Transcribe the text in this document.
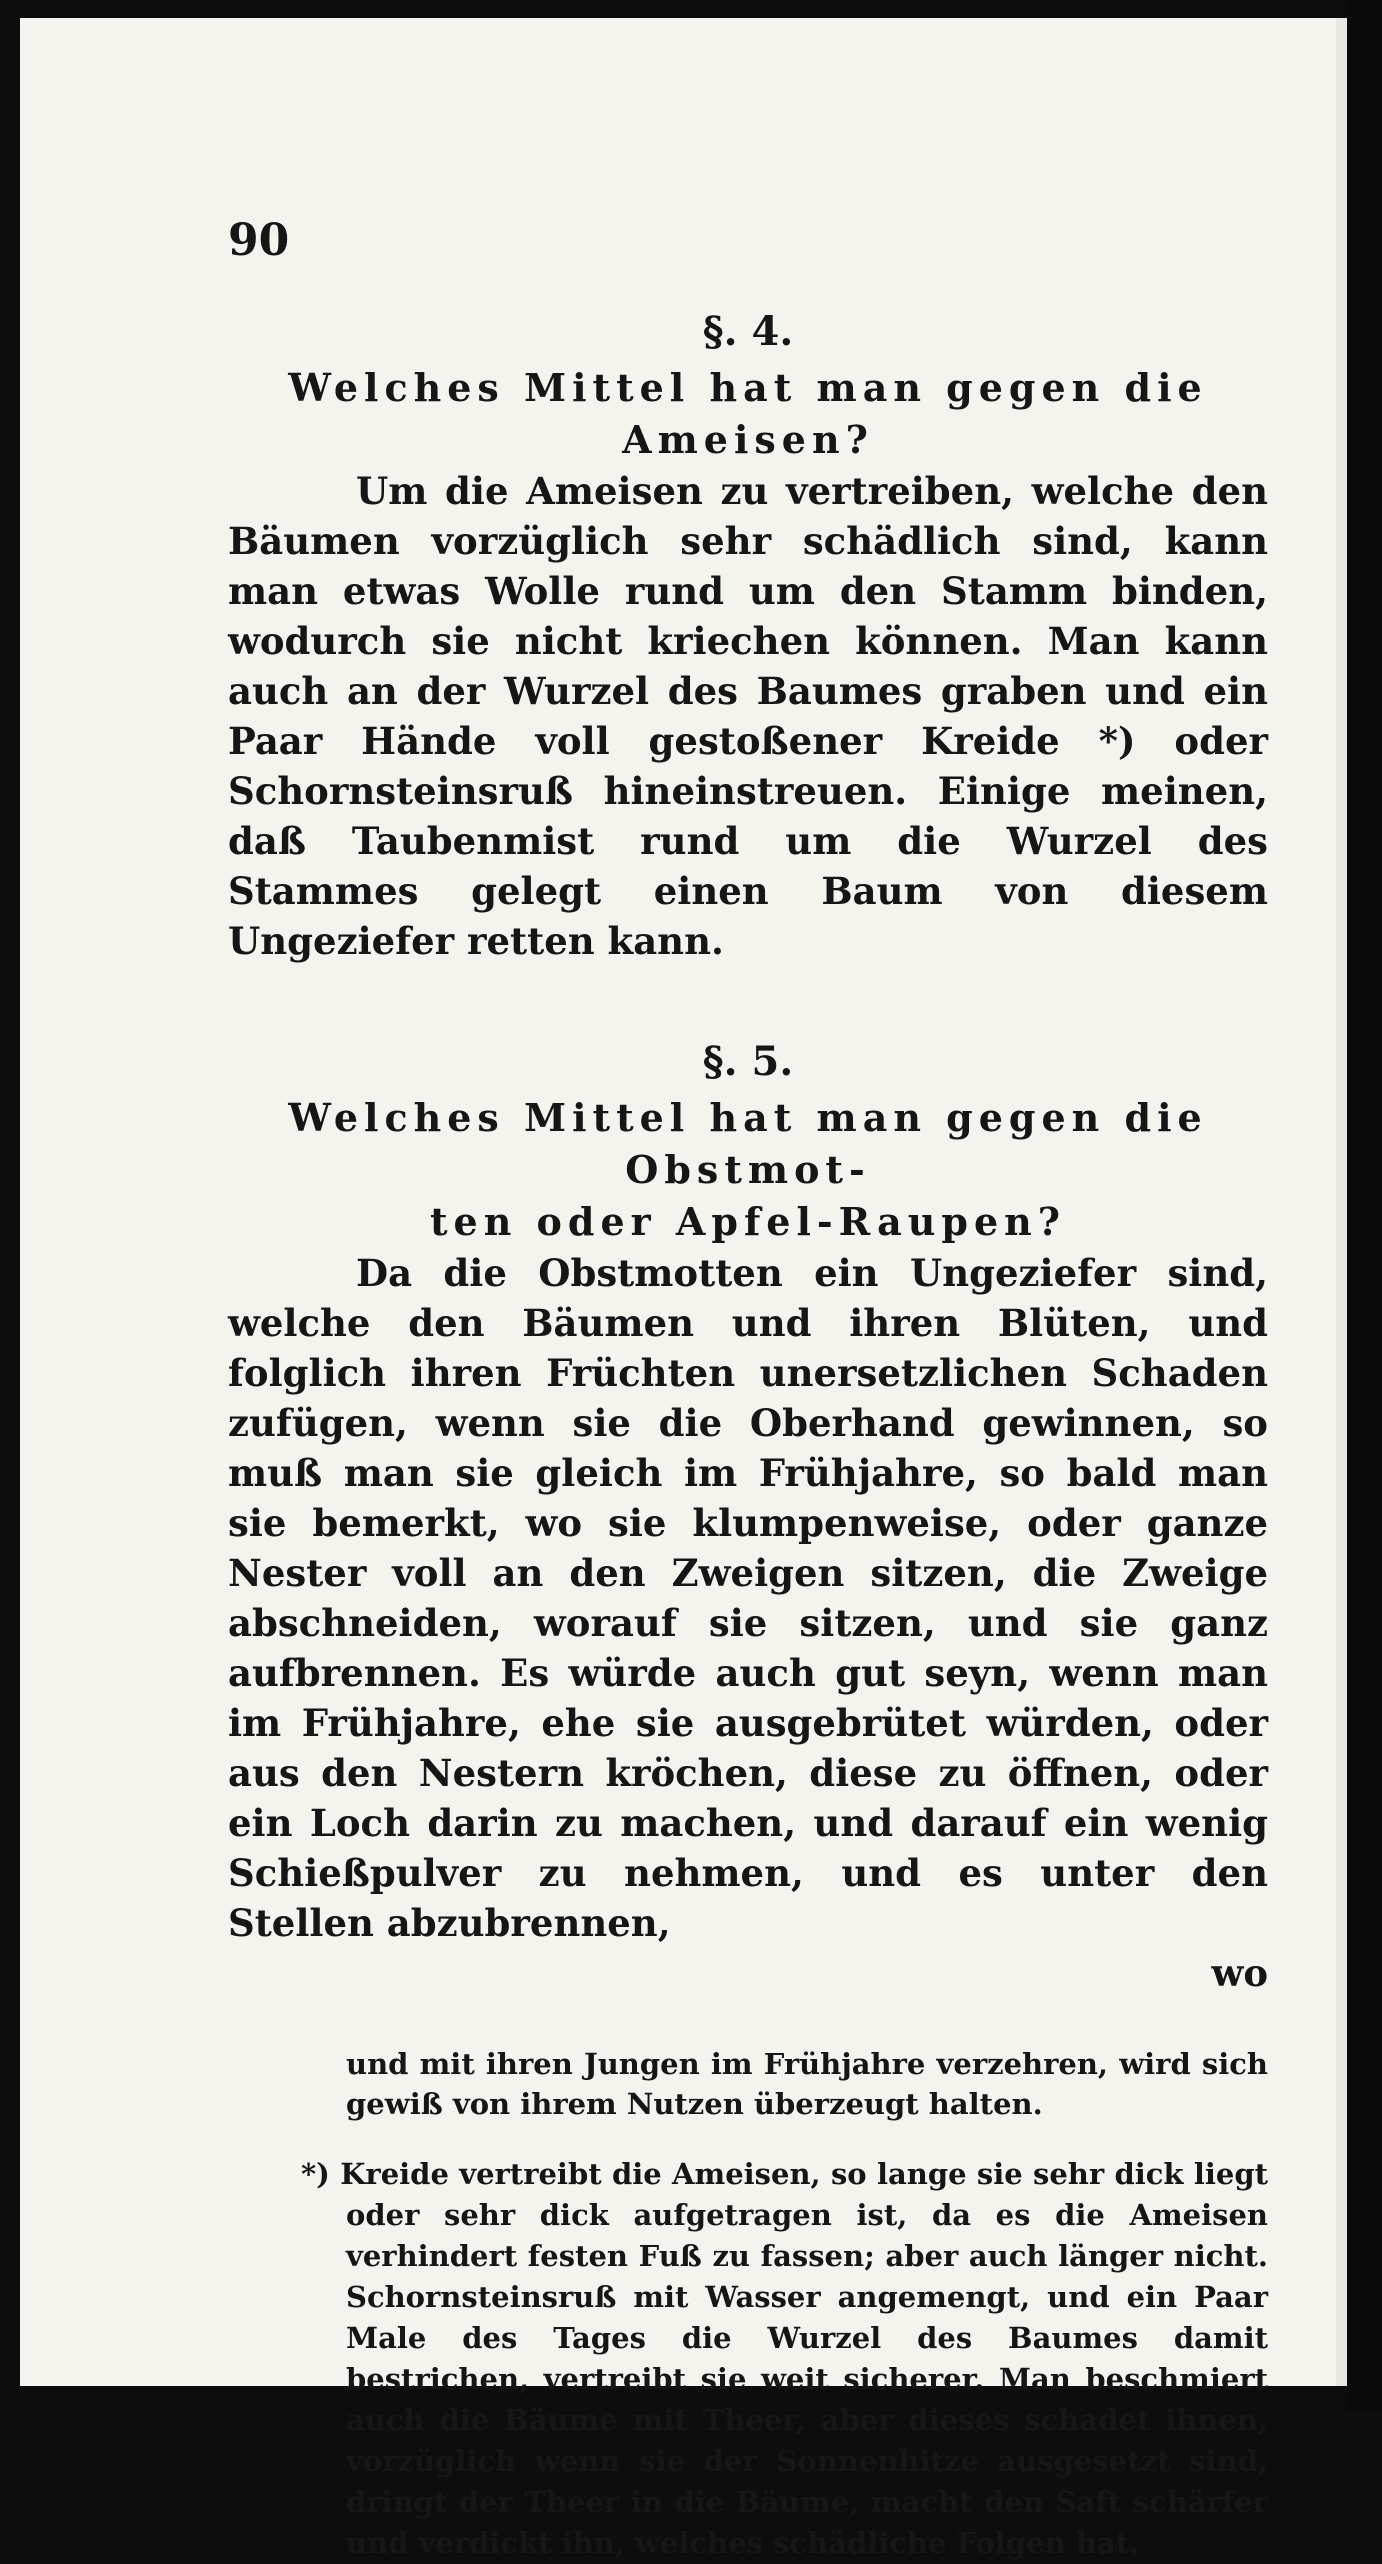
90

§. 4.

Welches Mittel hat man gegen die Ameisen?

Um die Ameisen zu vertreiben, welche den Bäumen vorzüglich sehr schädlich sind, kann man etwas Wolle rund um den Stamm binden, wodurch sie nicht kriechen können. Man kann auch an der Wurzel des Baumes graben und ein Paar Hände voll gestoßener Kreide *) oder Schornsteinsruß hineinstreuen. Einige meinen, daß Taubenmist rund um die Wurzel des Stammes gelegt einen Baum von diesem Ungeziefer retten kann.

§. 5.

Welches Mittel hat man gegen die Obstmot-

ten oder Apfel-Raupen?

Da die Obstmotten ein Ungeziefer sind, welche den Bäumen und ihren Blüten, und folglich ihren Früchten unersetzlichen Schaden zufügen, wenn sie die Oberhand gewinnen, so muß man sie gleich im Frühjahre, so bald man sie bemerkt, wo sie klumpenweise, oder ganze Nester voll an den Zweigen sitzen, die Zweige abschneiden, worauf sie sitzen, und sie ganz aufbrennen. Es würde auch gut seyn, wenn man im Frühjahre, ehe sie ausgebrütet würden, oder aus den Nestern kröchen, diese zu öffnen, oder ein Loch darin zu machen, und darauf ein wenig Schießpulver zu nehmen, und es unter den Stellen abzubrennen,

wo

und mit ihren Jungen im Frühjahre verzehren, wird sich gewiß von ihrem Nutzen überzeugt halten.

*) Kreide vertreibt die Ameisen, so lange sie sehr dick liegt oder sehr dick aufgetragen ist, da es die Ameisen verhindert festen Fuß zu fassen; aber auch länger nicht. Schornsteinsruß mit Wasser angemengt, und ein Paar Male des Tages die Wurzel des Baumes damit bestrichen, vertreibt sie weit sicherer. Man beschmiert auch die Bäume mit Theer, aber dieses schadet ihnen, vorzüglich wenn sie der Sonnenhitze ausgesetzt sind, dringt der Theer in die Bäume, macht den Saft schärfer und verdickt ihn, welches schädliche Folgen hat.
